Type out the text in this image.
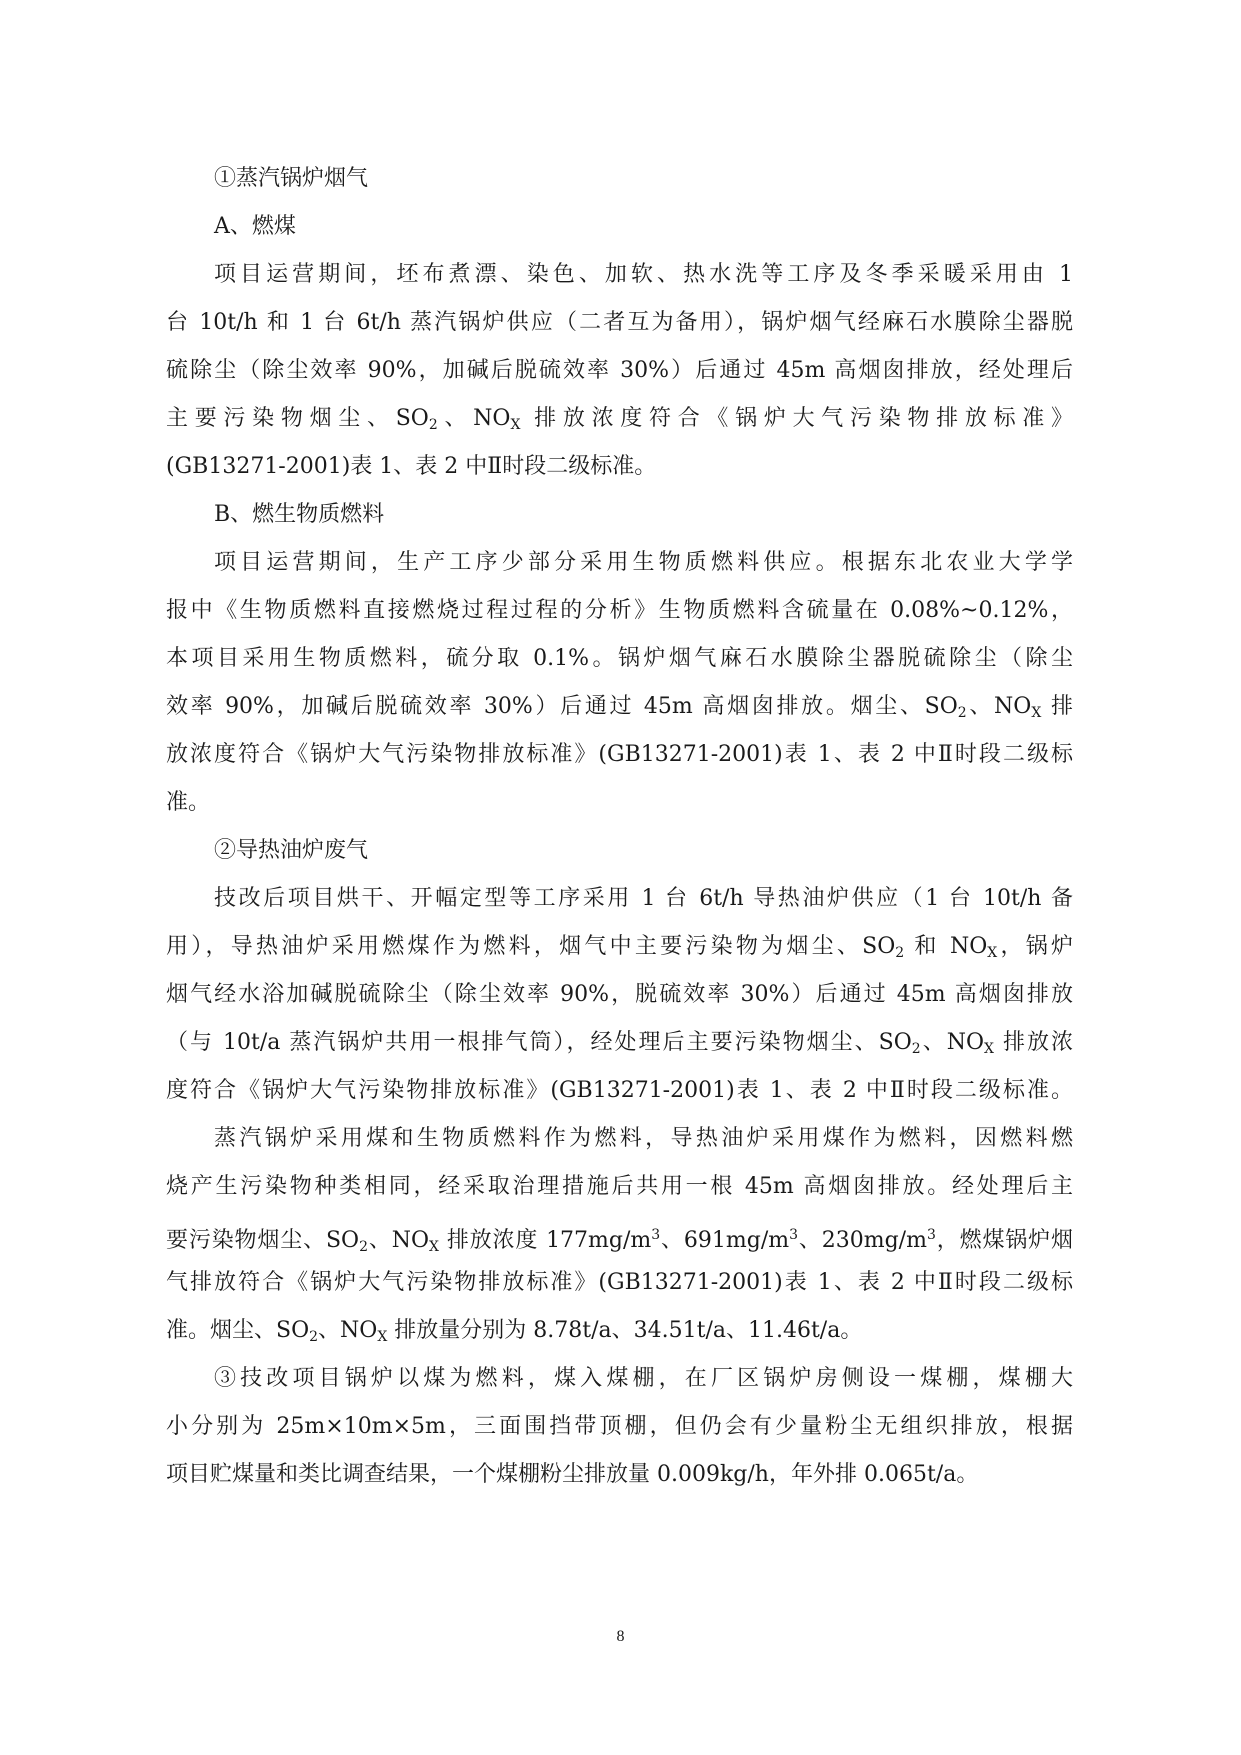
①蒸汽锅炉烟气
A、燃煤
项目运营期间，坯布煮漂、染色、加软、热水洗等工序及冬季采暖采用由 1
台 10t/h 和 1 台 6t/h 蒸汽锅炉供应（二者互为备用），锅炉烟气经麻石水膜除尘器脱
硫除尘（除尘效率 90%，加碱后脱硫效率 30%）后通过 45m 高烟囱排放，经处理后
主要污染物烟尘、$SO_2$、$NO_X$ 排放浓度符合《锅炉大气污染物排放标准》
(GB13271-2001)表 1、表 2 中Ⅱ时段二级标准。
B、燃生物质燃料
项目运营期间，生产工序少部分采用生物质燃料供应。根据东北农业大学学
报中《生物质燃料直接燃烧过程过程的分析》生物质燃料含硫量在 0.08%~0.12%，
本项目采用生物质燃料，硫分取 0.1%。锅炉烟气麻石水膜除尘器脱硫除尘（除尘
效率 90%，加碱后脱硫效率 30%）后通过 45m 高烟囱排放。烟尘、$SO_2$、$NO_X$ 排
放浓度符合《锅炉大气污染物排放标准》(GB13271-2001)表 1、表 2 中Ⅱ时段二级标
准。
②导热油炉废气
技改后项目烘干、开幅定型等工序采用 1 台 6t/h 导热油炉供应（1 台 10t/h 备
用），导热油炉采用燃煤作为燃料，烟气中主要污染物为烟尘、$SO_2$ 和 $NO_X$，锅炉
烟气经水浴加碱脱硫除尘（除尘效率 90%，脱硫效率 30%）后通过 45m 高烟囱排放
（与 10t/a 蒸汽锅炉共用一根排气筒），经处理后主要污染物烟尘、$SO_2$、$NO_X$ 排放浓
度符合《锅炉大气污染物排放标准》(GB13271-2001)表 1、表 2 中Ⅱ时段二级标准。
蒸汽锅炉采用煤和生物质燃料作为燃料，导热油炉采用煤作为燃料，因燃料燃
烧产生污染物种类相同，经采取治理措施后共用一根 45m 高烟囱排放。经处理后主
要污染物烟尘、$SO_2$、$NO_X$ 排放浓度 $177mg/m^3$、$691mg/m^3$、$230mg/m^3$，燃煤锅炉烟
气排放符合《锅炉大气污染物排放标准》(GB13271-2001)表 1、表 2 中Ⅱ时段二级标
准。烟尘、$SO_2$、$NO_X$ 排放量分别为 8.78t/a、34.51t/a、11.46t/a。
③技改项目锅炉以煤为燃料，煤入煤棚，在厂区锅炉房侧设一煤棚，煤棚大
小分别为 25m×10m×5m，三面围挡带顶棚，但仍会有少量粉尘无组织排放，根据
项目贮煤量和类比调查结果，一个煤棚粉尘排放量 0.009kg/h，年外排 0.065t/a。
8
